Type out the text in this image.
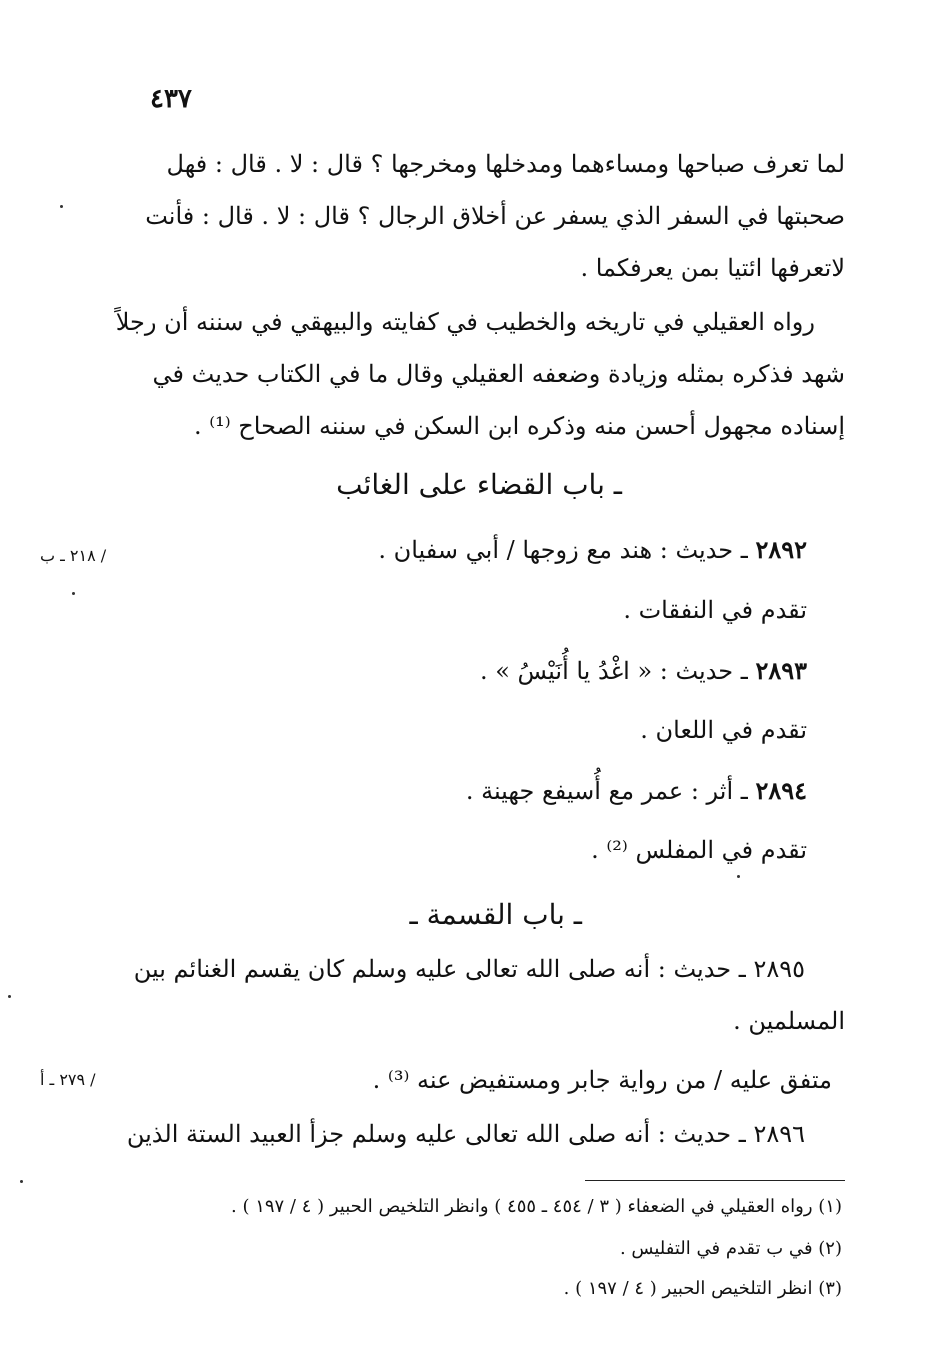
٤٣٧
لما تعرف صباحها ومساءهما ومدخلها ومخرجها ؟ قال : لا . قال : فهل
صحبتها في السفر الذي يسفر عن أخلاق الرجال ؟ قال : لا . قال : فأنت
لاتعرفها ائتيا بمن يعرفكما .
رواه العقيلي في تاريخه والخطيب في كفايته والبيهقي في سننه أن رجلاً
شهد فذكره بمثله وزيادة وضعفه العقيلي وقال ما في الكتاب حديث في
إسناده مجهول أحسن منه وذكره ابن السكن في سننه الصحاح ⁽¹⁾ .
ـ باب القضاء على الغائب
/ ٢١٨ ـ ب	٢٨٩٢ ـ حديث : هند مع زوجها / أبي سفيان .
تقدم في النفقات .
٢٨٩٣ ـ حديث : « اغْدُ يا أُنَيْسُ » .
تقدم في اللعان .
٢٨٩٤ ـ أثر : عمر مع أُسيفع جهينة .
تقدم في المفلس ⁽²⁾ .
ـ باب القسمة ـ
٢٨٩٥ ـ حديث : أنه صلى الله تعالى عليه وسلم كان يقسم الغنائم بين
المسلمين .
/ ٢٧٩ ـ أ	متفق عليه / من رواية جابر ومستفيض عنه ⁽³⁾ .
٢٨٩٦ ـ حديث : أنه صلى الله تعالى عليه وسلم جزأ العبيد الستة الذين
(١) رواه العقيلي في الضعفاء ( ٣ / ٤٥٤ ـ ٤٥٥ ) وانظر التلخيص الحبير ( ٤ / ١٩٧ ) .
(٢) في ب تقدم في التفليس .
(٣) انظر التلخيص الحبير ( ٤ / ١٩٧ ) .
